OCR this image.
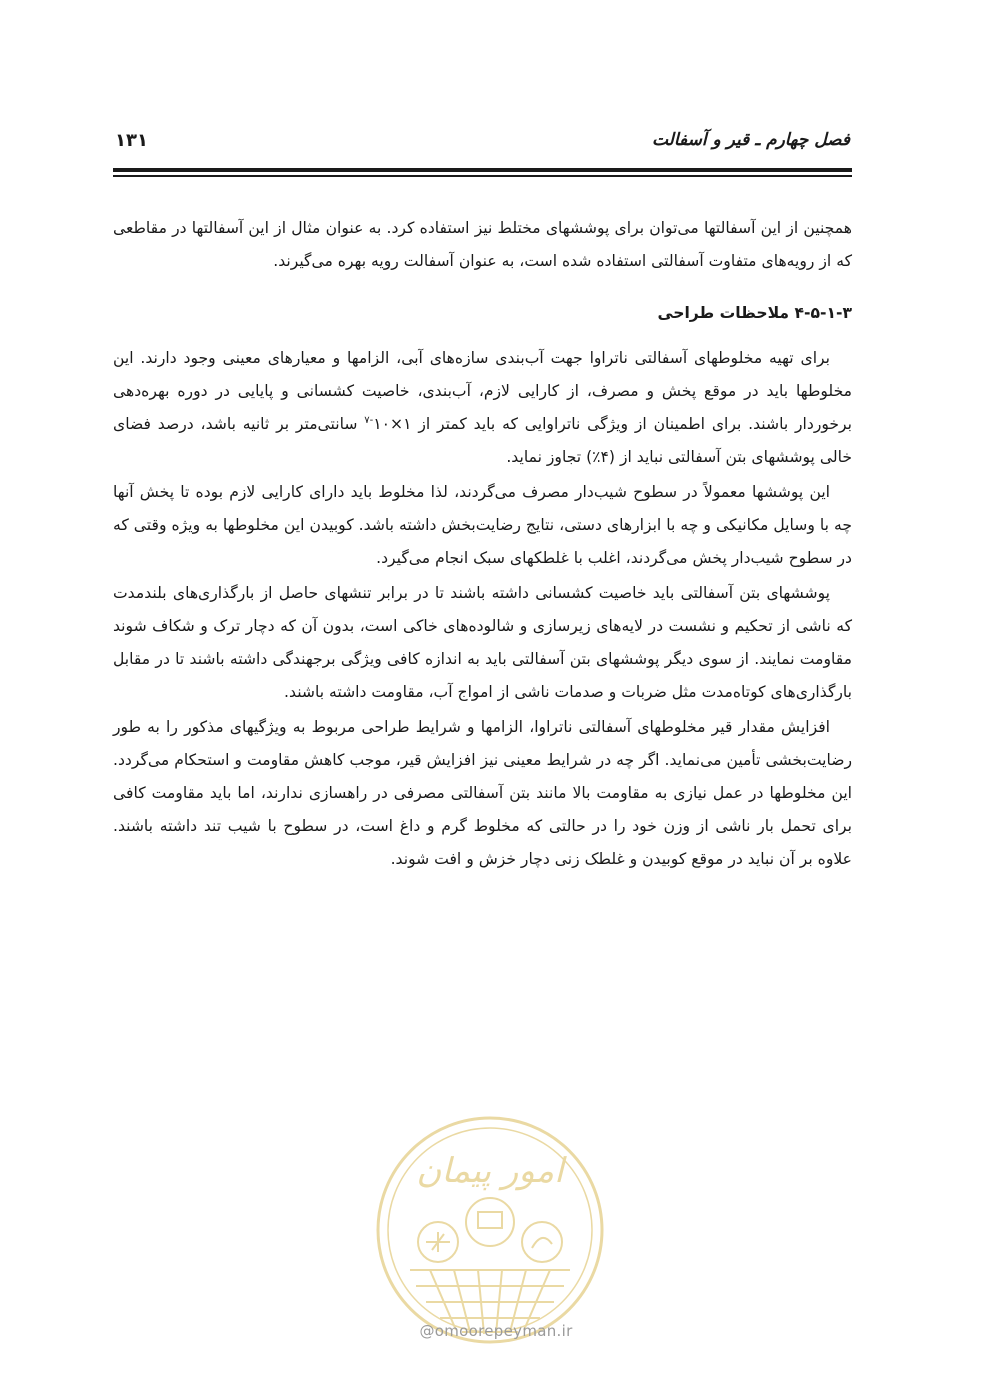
فصل چهارم ـ قیر و آسفالت
۱۳۱

همچنین از این آسفالتها می‌توان برای پوششهای مختلط نیز استفاده کرد. به عنوان مثال از این آسفالتها در مقاطعی که از رویه‌های متفاوت آسفالتی استفاده شده است، به عنوان آسفالت رویه بهره می‌گیرند.

۴-۵-۱-۳ ملاحظات طراحی

برای تهیه مخلوطهای آسفالتی ناتراوا جهت آب‌بندی سازه‌های آبی، الزامها و معیارهای معینی وجود دارند. این مخلوطها باید در موقع پخش و مصرف، از کارایی لازم، آب‌بندی، خاصیت کشسانی و پایایی در دوره بهره‌دهی برخوردار باشند. برای اطمینان از ویژگی ناتراوایی که باید کمتر از $۱\times ۱۰^{-۷}$ سانتی‌متر بر ثانیه باشد، درصد فضای خالی پوششهای بتن آسفالتی نباید از (۴٪) تجاوز نماید.

این پوششها معمولاً در سطوح شیب‌دار مصرف می‌گردند، لذا مخلوط باید دارای کارایی لازم بوده تا پخش آنها چه با وسایل مکانیکی و چه با ابزارهای دستی، نتایج رضایت‌بخش داشته باشد. کوبیدن این مخلوطها به ویژه وقتی که در سطوح شیب‌دار پخش می‌گردند، اغلب با غلطکهای سبک انجام می‌گیرد.

پوششهای بتن آسفالتی باید خاصیت کشسانی داشته باشند تا در برابر تنشهای حاصل از بارگذاری‌های بلندمدت که ناشی از تحکیم و نشست در لایه‌های زیرسازی و شالوده‌های خاکی است، بدون آن که دچار ترک و شکاف شوند مقاومت نمایند. از سوی دیگر پوششهای بتن آسفالتی باید به اندازه کافی ویژگی برجهندگی داشته باشند تا در مقابل بارگذاری‌های کوتاه‌مدت مثل ضربات و صدمات ناشی از امواج آب، مقاومت داشته باشند.

افزایش مقدار قیر مخلوطهای آسفالتی ناتراوا، الزامها و شرایط طراحی مربوط به ویژگیهای مذکور را به طور رضایت‌بخشی تأمین می‌نماید. اگر چه در شرایط معینی نیز افزایش قیر، موجب کاهش مقاومت و استحکام می‌گردد. این مخلوطها در عمل نیازی به مقاومت بالا مانند بتن آسفالتی مصرفی در راهسازی ندارند، اما باید مقاومت کافی برای تحمل بار ناشی از وزن خود را در حالتی که مخلوط گرم و داغ است، در سطوح با شیب تند داشته باشند. علاوه بر آن نباید در موقع کوبیدن و غلطک زنی دچار خزش و افت شوند.

امور پیمان
@omoorepeyman.ir
